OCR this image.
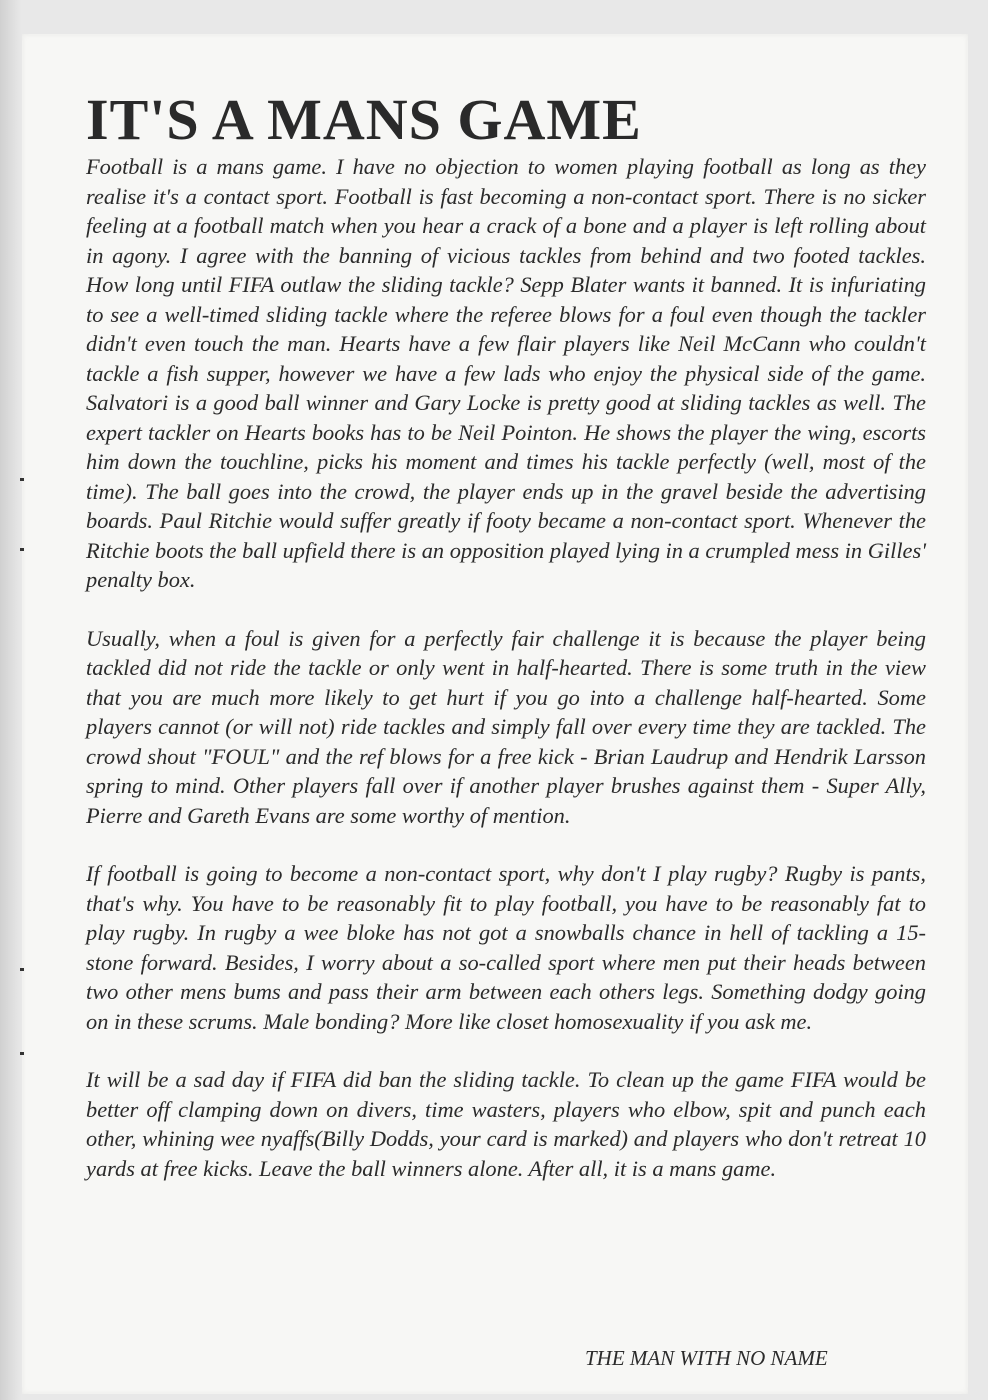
IT'S A MANS GAME

Football is a mans game. I have no objection to women playing football as long as they realise it's a contact sport. Football is fast becoming a non-contact sport. There is no sicker feeling at a football match when you hear a crack of a bone and a player is left rolling about in agony. I agree with the banning of vicious tackles from behind and two footed tackles. How long until FIFA outlaw the sliding tackle? Sepp Blater wants it banned. It is infuriating to see a well-timed sliding tackle where the referee blows for a foul even though the tackler didn't even touch the man. Hearts have a few flair players like Neil McCann who couldn't tackle a fish supper, however we have a few lads who enjoy the physical side of the game. Salvatori is a good ball winner and Gary Locke is pretty good at sliding tackles as well. The expert tackler on Hearts books has to be Neil Pointon. He shows the player the wing, escorts him down the touchline, picks his moment and times his tackle perfectly (well, most of the time). The ball goes into the crowd, the player ends up in the gravel beside the advertising boards. Paul Ritchie would suffer greatly if footy became a non-contact sport. Whenever the Ritchie boots the ball upfield there is an opposition played lying in a crumpled mess in Gilles' penalty box.

Usually, when a foul is given for a perfectly fair challenge it is because the player being tackled did not ride the tackle or only went in half-hearted. There is some truth in the view that you are much more likely to get hurt if you go into a challenge half-hearted. Some players cannot (or will not) ride tackles and simply fall over every time they are tackled. The crowd shout "FOUL" and the ref blows for a free kick - Brian Laudrup and Hendrik Larsson spring to mind. Other players fall over if another player brushes against them - Super Ally, Pierre and Gareth Evans are some worthy of mention.

If football is going to become a non-contact sport, why don't I play rugby? Rugby is pants, that's why. You have to be reasonably fit to play football, you have to be reasonably fat to play rugby. In rugby a wee bloke has not got a snowballs chance in hell of tackling a 15-stone forward. Besides, I worry about a so-called sport where men put their heads between two other mens bums and pass their arm between each others legs. Something dodgy going on in these scrums. Male bonding? More like closet homosexuality if you ask me.

It will be a sad day if FIFA did ban the sliding tackle. To clean up the game FIFA would be better off clamping down on divers, time wasters, players who elbow, spit and punch each other, whining wee nyaffs(Billy Dodds, your card is marked) and players who don't retreat 10 yards at free kicks. Leave the ball winners alone. After all, it is a mans game.

THE MAN WITH NO NAME
